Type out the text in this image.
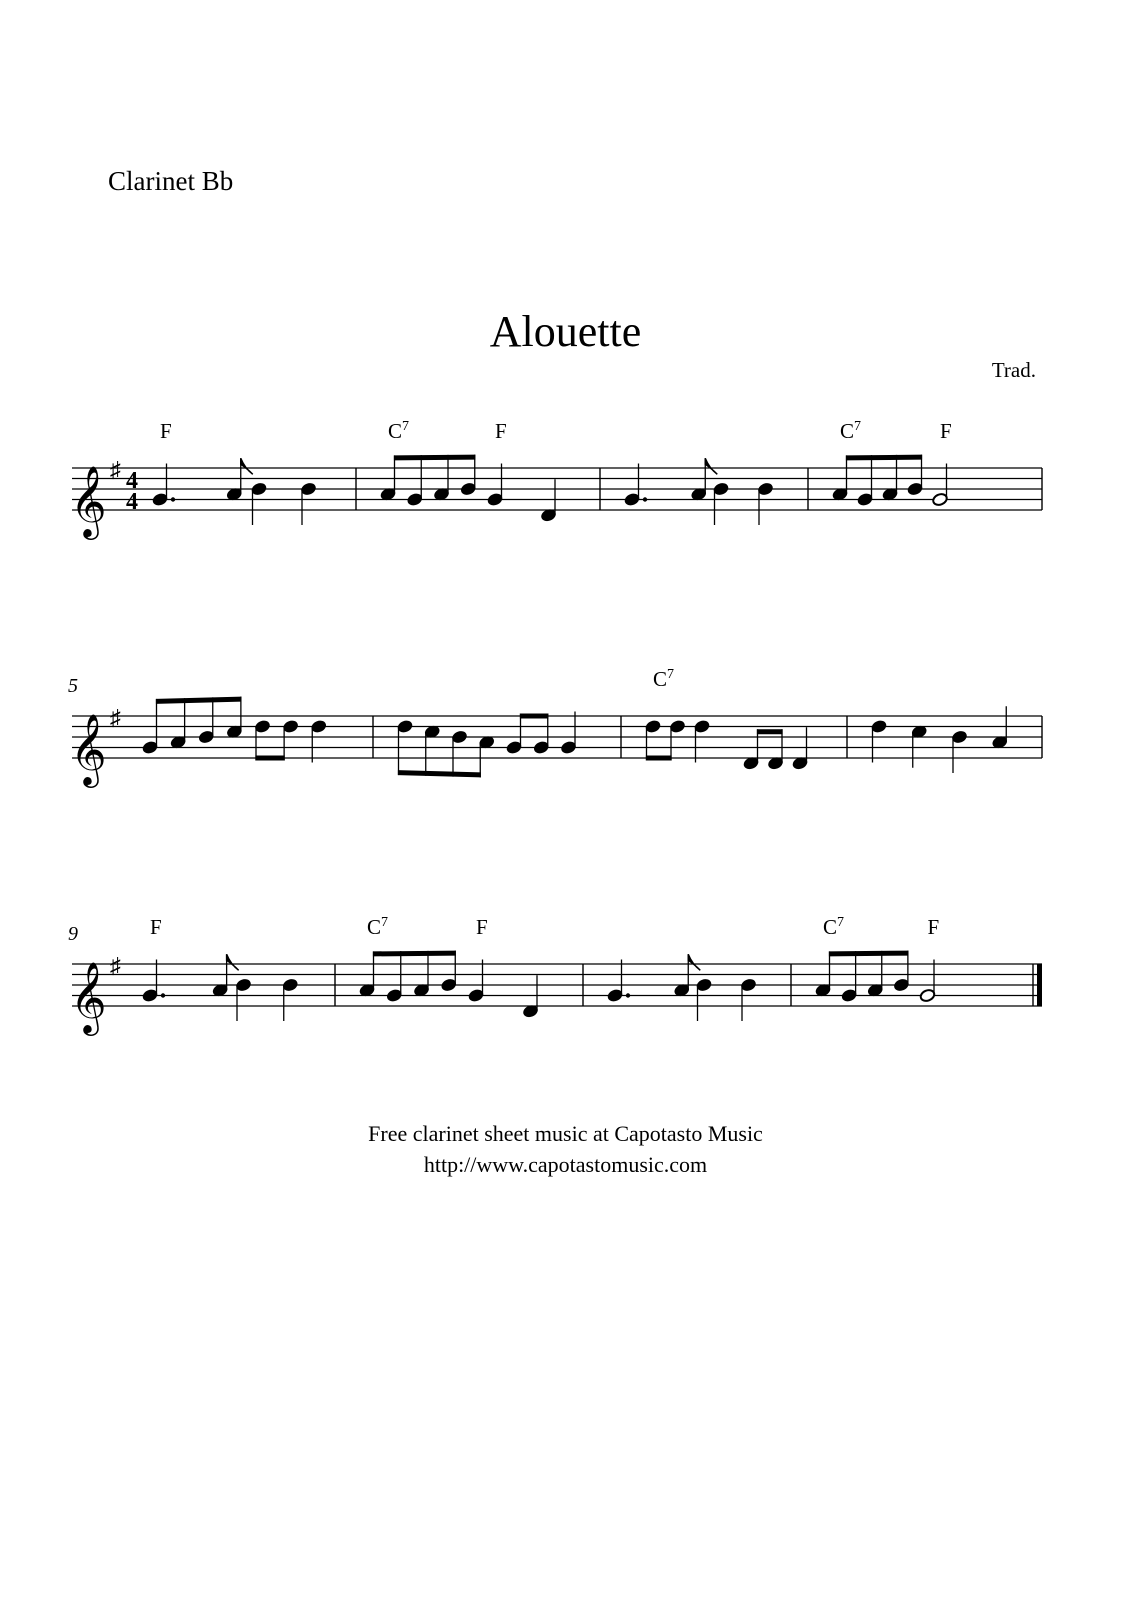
Clarinet Bb
Alouette
Trad.
𝄞 ♯ 4
4
F	$C^7$	F	$C^7$	F
𝄞 ♯
5	$C^7$
𝄞 ♯
9	F	$C^7$	F	$C^7$	F
Free clarinet sheet music at Capotasto Music
http://www.capotastomusic.com
